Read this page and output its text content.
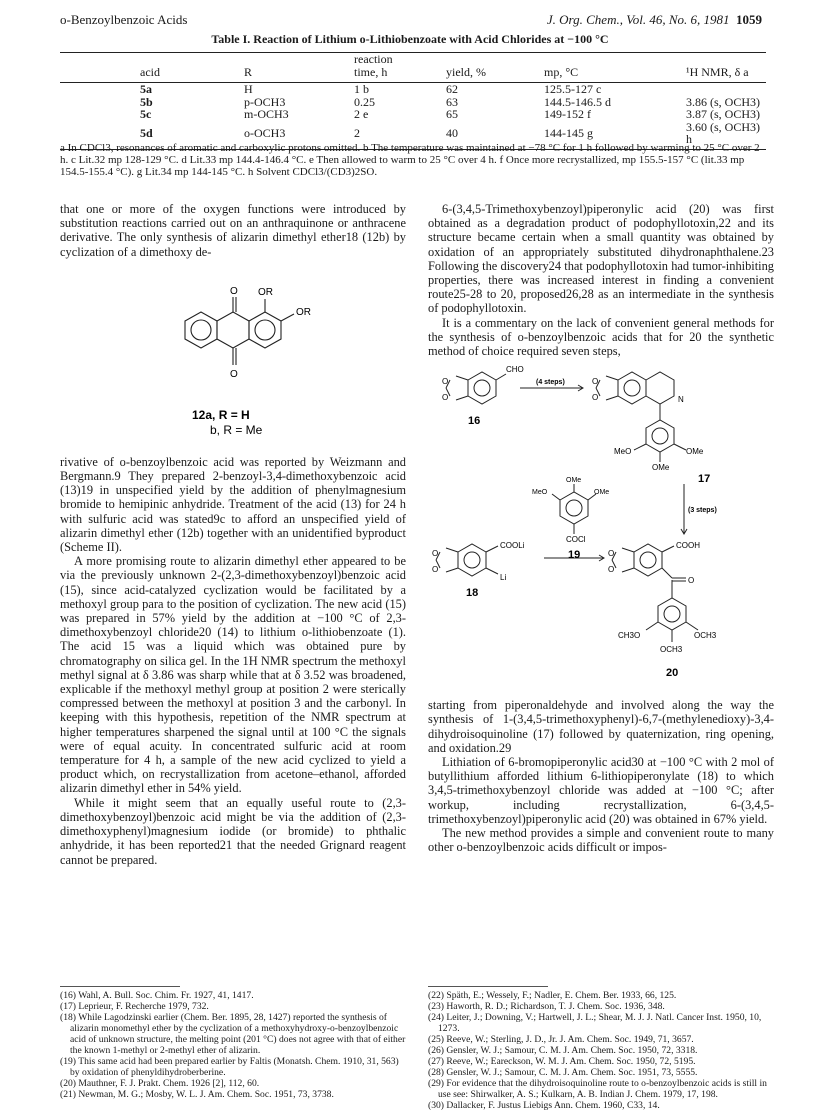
o-Benzoylbenzoic Acids	J. Org. Chem., Vol. 46, No. 6, 1981 1059
Table I. Reaction of Lithium o-Lithiobenzoate with Acid Chlorides at −100 °C
		reaction			
acid	R	time, h	yield, %	mp, °C	¹H NMR, δ a
5a	H	1 b	62	125.5-127 c	
5b	p-OCH3	0.25	63	144.5-146.5 d	3.86 (s, OCH3)
5c	m-OCH3	2 e	65	149-152 f	3.87 (s, OCH3)
5d	o-OCH3	2	40	144-145 g	3.60 (s, OCH3) h
a In CDCl3, resonances of aromatic and carboxylic protons omitted. b The temperature was maintained at −78 °C for 1 h followed by warming to 25 °C over 2 h. c Lit.32 mp 128-129 °C. d Lit.33 mp 144.4-146.4 °C. e Then allowed to warm to 25 °C over 4 h. f Once more recrystallized, mp 155.5-157 °C (lit.33 mp 154.5-155.4 °C). g Lit.34 mp 144-145 °C. h Solvent CDCl3/(CD3)2SO.

that one or more of the oxygen functions were introduced by substitution reactions carried out on an anthraquinone or anthracene derivative. The only synthesis of alizarin dimethyl ether18 (12b) by cyclization of a dimethoxy de-

O
O
OR
OR
12a, R = H
b, R = Me

rivative of o-benzoylbenzoic acid was reported by Weizmann and Bergmann.9 They prepared 2-benzoyl-3,4-dimethoxybenzoic acid (13)19 in unspecified yield by the addition of phenylmagnesium bromide to hemipinic anhydride. Treatment of the acid (13) for 24 h with sulfuric acid was stated9c to afford an unspecified yield of alizarin dimethyl ether (12b) together with an unidentified byproduct (Scheme II).

A more promising route to alizarin dimethyl ether appeared to be via the previously unknown 2-(2,3-dimethoxybenzoyl)benzoic acid (15), since acid-catalyzed cyclization would be facilitated by a methoxyl group para to the position of cyclization. The new acid (15) was prepared in 57% yield by the addition at −100 °C of 2,3-dimethoxybenzoyl chloride20 (14) to lithium o-lithiobenzoate (1). The acid 15 was a liquid which was obtained pure by chromatography on silica gel. In the 1H NMR spectrum the methoxyl methyl signal at δ 3.86 was sharp while that at δ 3.52 was broadened, explicable if the methoxyl methyl group at position 2 were sterically compressed between the methoxyl at position 3 and the carbonyl. In keeping with this hypothesis, repetition of the NMR spectrum at higher temperatures sharpened the signal until at 100 °C the signals were of equal acuity. In concentrated sulfuric acid at room temperature for 4 h, a sample of the new acid cyclized to yield a product which, on recrystallization from acetone–ethanol, afforded alizarin dimethyl ether in 54% yield.

While it might seem that an equally useful route to (2,3-dimethoxybenzoyl)benzoic acid might be via the addition of (2,3-dimethoxyphenyl)magnesium iodide (or bromide) to phthalic anhydride, it has been reported21 that the needed Grignard reagent cannot be prepared.

6-(3,4,5-Trimethoxybenzoyl)piperonylic acid (20) was first obtained as a degradation product of podophyllotoxin,22 and its structure became certain when a small quantity was obtained by oxidation of an appropriately substituted dihydronaphthalene.23 Following the discovery24 that podophyllotoxin had tumor-inhibiting properties, there was increased interest in finding a convenient route25-28 to 20, proposed26,28 as an intermediate in the synthesis of podophyllotoxin.

It is a commentary on the lack of convenient general methods for the synthesis of o-benzoylbenzoic acids that for 20 the synthetic method of choice required seven steps,

O
O
CHO
(4 steps)	O
O	N
MeO	OMe
OMe
(3 steps)
OMe
MeO	OMe
COCl
O
O
COOLi
Li
O
O
COOH
O
CH3O	OCH3
OCH3
16
17
19
18
20

starting from piperonaldehyde and involved along the way the synthesis of 1-(3,4,5-trimethoxyphenyl)-6,7-(methylenedioxy)-3,4-dihydroisoquinoline (17) followed by quaternization, ring opening, and oxidation.29

Lithiation of 6-bromopiperonylic acid30 at −100 °C with 2 mol of butyllithium afforded lithium 6-lithiopiperonylate (18) to which 3,4,5-trimethoxybenzoyl chloride was added at −100 °C; after workup, including recrystallization, 6-(3,4,5-trimethoxybenzoyl)piperonylic acid (20) was obtained in 67% yield.

The new method provides a simple and convenient route to many other o-benzoylbenzoic acids difficult or impos-

(16) Wahl, A. Bull. Soc. Chim. Fr. 1927, 41, 1417.
(17) Leprieur, F. Recherche 1979, 732.
(18) While Lagodzinski earlier (Chem. Ber. 1895, 28, 1427) reported the synthesis of alizarin monomethyl ether by the cyclization of a methoxyhydroxy-o-benzoylbenzoic acid of unknown structure, the melting point (201 °C) does not agree with that of either the known 1-methyl or 2-methyl ether of alizarin.
(19) This same acid had been prepared earlier by Faltis (Monatsh. Chem. 1910, 31, 563) by oxidation of phenyldihydroberberine.
(20) Mauthner, F. J. Prakt. Chem. 1926 [2], 112, 60.
(21) Newman, M. G.; Mosby, W. L. J. Am. Chem. Soc. 1951, 73, 3738.
(22) Späth, E.; Wessely, F.; Nadler, E. Chem. Ber. 1933, 66, 125.
(23) Haworth, R. D.; Richardson, T. J. Chem. Soc. 1936, 348.
(24) Leiter, J.; Downing, V.; Hartwell, J. L.; Shear, M. J. J. Natl. Cancer Inst. 1950, 10, 1273.
(25) Reeve, W.; Sterling, J. D., Jr. J. Am. Chem. Soc. 1949, 71, 3657.
(26) Gensler, W. J.; Samour, C. M. J. Am. Chem. Soc. 1950, 72, 3318.
(27) Reeve, W.; Eareckson, W. M. J. Am. Chem. Soc. 1950, 72, 5195.
(28) Gensler, W. J.; Samour, C. M. J. Am. Chem. Soc. 1951, 73, 5555.
(29) For evidence that the dihydroisoquinoline route to o-benzoylbenzoic acids is still in use see: Shirwalker, A. S.; Kulkarn, A. B. Indian J. Chem. 1979, 17, 198.
(30) Dallacker, F. Justus Liebigs Ann. Chem. 1960, C33, 14.
